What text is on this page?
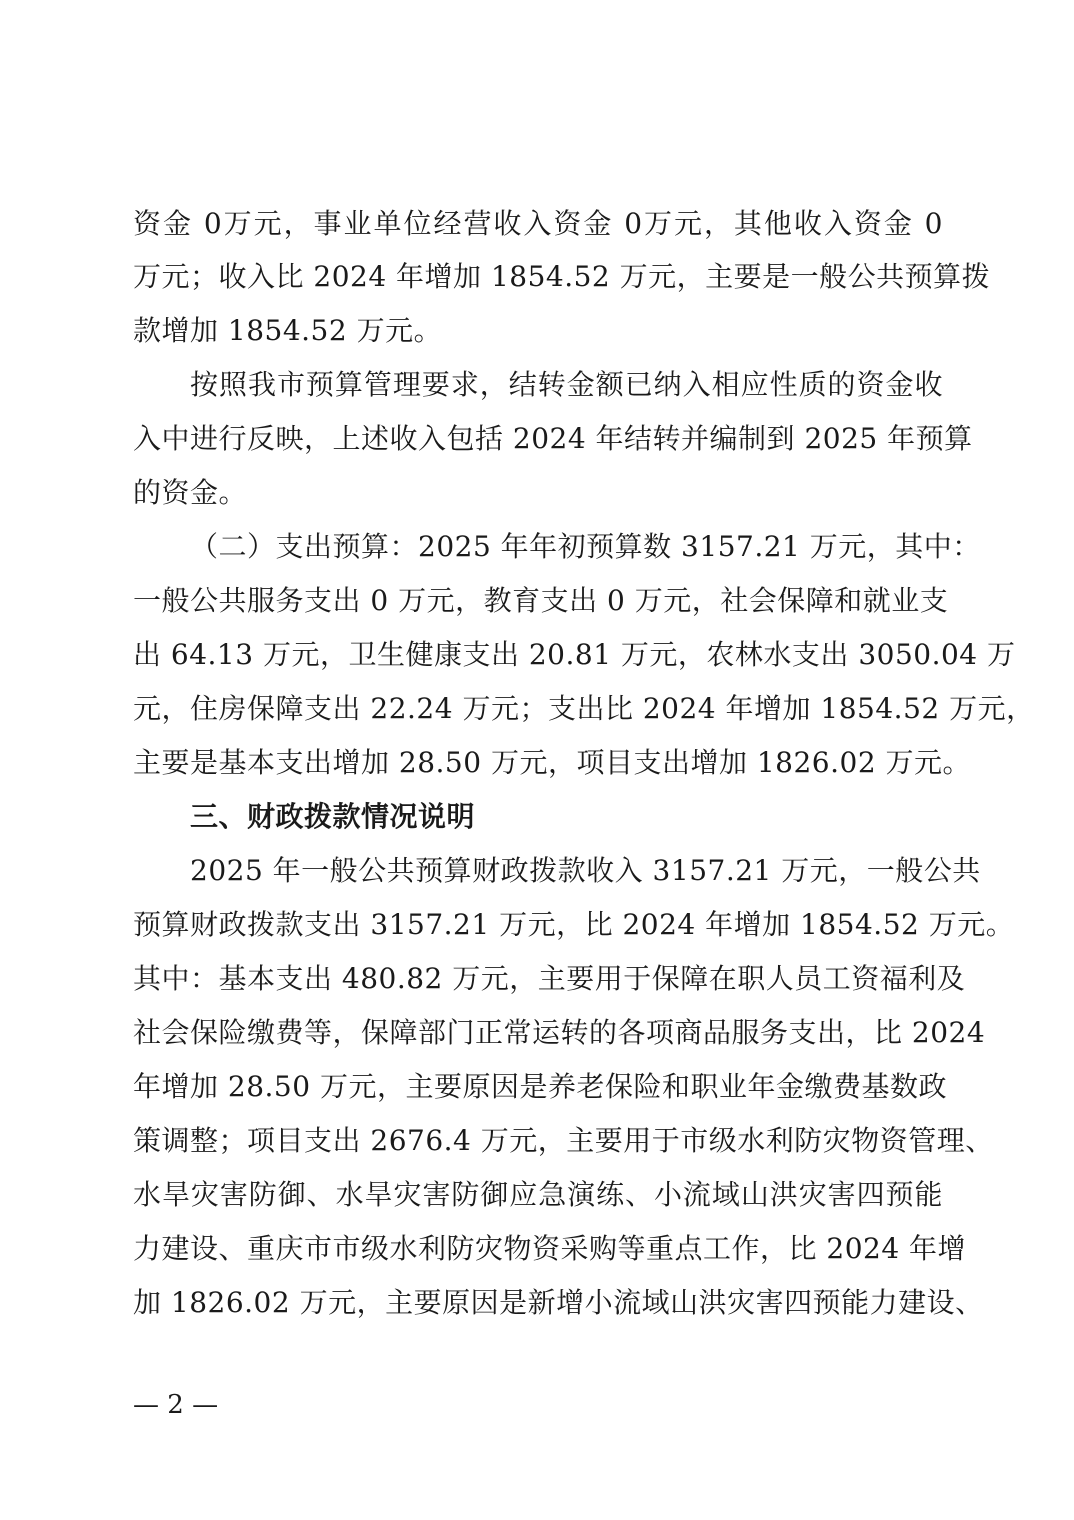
资金 0万元，事业单位经营收入资金 0万元，其他收入资金 0
万元；收入比 2024 年增加 1854.52 万元，主要是一般公共预算拨
款增加 1854.52 万元。
按照我市预算管理要求，结转金额已纳入相应性质的资金收
入中进行反映，上述收入包括 2024 年结转并编制到 2025 年预算
的资金。
（二）支出预算：2025 年年初预算数 3157.21 万元，其中：
一般公共服务支出 0 万元，教育支出 0 万元，社会保障和就业支
出 64.13 万元，卫生健康支出 20.81 万元，农林水支出 3050.04 万
元，住房保障支出 22.24 万元；支出比 2024 年增加 1854.52 万元，
主要是基本支出增加 28.50 万元，项目支出增加 1826.02 万元。
三、财政拨款情况说明
2025 年一般公共预算财政拨款收入 3157.21 万元，一般公共
预算财政拨款支出 3157.21 万元，比 2024 年增加 1854.52 万元。
其中：基本支出 480.82 万元，主要用于保障在职人员工资福利及
社会保险缴费等，保障部门正常运转的各项商品服务支出，比 2024
年增加 28.50 万元，主要原因是养老保险和职业年金缴费基数政
策调整；项目支出 2676.4 万元，主要用于市级水利防灾物资管理、
水旱灾害防御、水旱灾害防御应急演练、小流域山洪灾害四预能
力建设、重庆市市级水利防灾物资采购等重点工作，比 2024 年增
加 1826.02 万元，主要原因是新增小流域山洪灾害四预能力建设、
— 2 —
